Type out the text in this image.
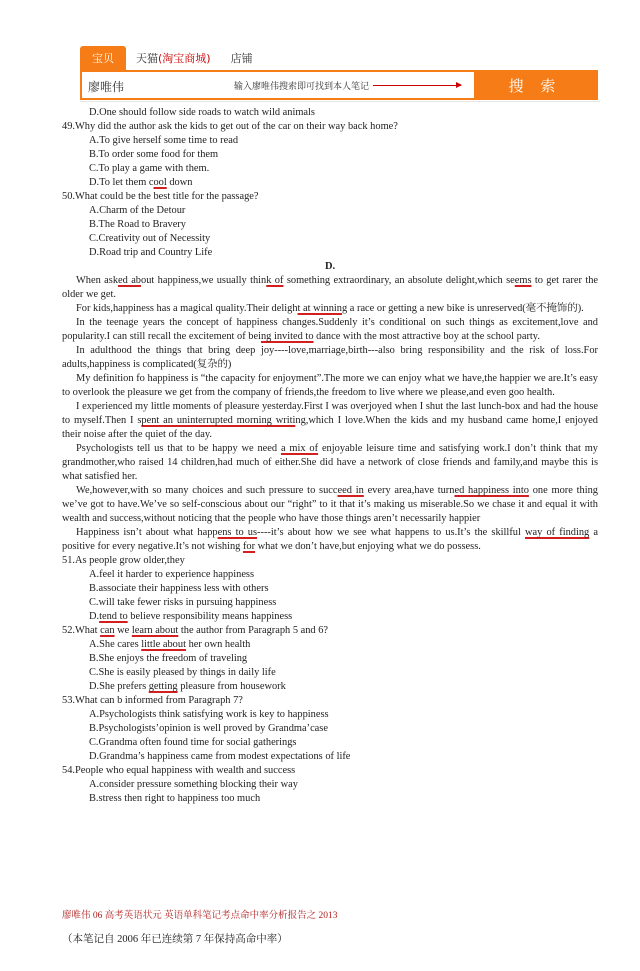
宝贝	天猫(淘宝商城)	店铺
廖唯伟	输入廖唯伟搜索即可找到本人笔记	搜 索

D.One should follow side roads to watch wild animals

49.Why did the author ask the kids to get out of the car on their way back home?

A.To give herself some time to read

B.To order some food for them

C.To play a game with them.

D.To let them cool down

50.What could be the best title for the passage?

A.Charm of the Detour

B.The Road to Bravery

C.Creativity out of Necessity

D.Road trip and Country Life

D.

When asked about happiness,we usually think of something extraordinary, an absolute delight,which seems to get rarer the older we get.

For kids,happiness has a magical quality.Their delight at winning a race or getting a new bike is unreserved(毫不掩饰的).

In the teenage years the concept of happiness changes.Suddenly it’s conditional on such things as excitement,love and popularity.I can still recall the excitement of being invited to dance with the most attractive boy at the school party.

In adulthood the things that bring deep joy----love,marriage,birth---also bring responsibility and the risk of loss.For adults,happiness is complicated(复杂的)

My definition fo happiness is “the capacity for enjoyment”.The more we can enjoy what we have,the happier we are.It’s easy to overlook the pleasure we get from the company of friends,the freedom to live where we please,and even goo health.

I experienced my little moments of pleasure yesterday.First I was overjoyed when I shut the last lunch-box and had the house to myself.Then I spent an uninterrupted morning writing,which I love.When the kids and my husband came home,I enjoyed their noise after the quiet of the day.

Psychologists tell us that to be happy we need a mix of enjoyable leisure time and satisfying work.I don’t think that my grandmother,who raised 14 children,had much of either.She did have a network of close friends and family,and maybe this is what satisfied her.

We,however,with so many choices and such pressure to succeed in every area,have turned happiness into one more thing we’ve got to have.We’ve so self-conscious about our “right” to it that it’s making us miserable.So we chase it and equal it with wealth and success,without noticing that the people who have those things aren’t necessarily happier

Happiness isn’t about what happens to us----it’s about how we see what happens to us.It’s the skillful way of finding a positive for every negative.It’s not wishing for what we don’t have,but enjoying what we do possess.

51.As people grow older,they

A.feel it harder to experience happiness

B.associate their happiness less with others

C.will take fewer risks in pursuing happiness

D.tend to believe responsibility means happiness

52.What can we learn about the author from Paragraph 5 and 6?

A.She cares little about her own health

B.She enjoys the freedom of traveling

C.She is easily pleased by things in daily life

D.She prefers getting pleasure from housework

53.What can b informed from Paragraph 7?

A.Psychologists think satisfying work is key to happiness

B.Psychologists’opinion is well proved by Grandma’case

C.Grandma often found time for social gatherings

D.Grandma’s happiness came from modest expectations of life

54.People who equal happiness with wealth and success

A.consider pressure something blocking their way

B.stress then right to happiness too much

廖唯伟 06 高考英语状元 英语单科笔记考点命中率分析报告之 2013

（本笔记自 2006 年已连续第 7 年保持高命中率）
